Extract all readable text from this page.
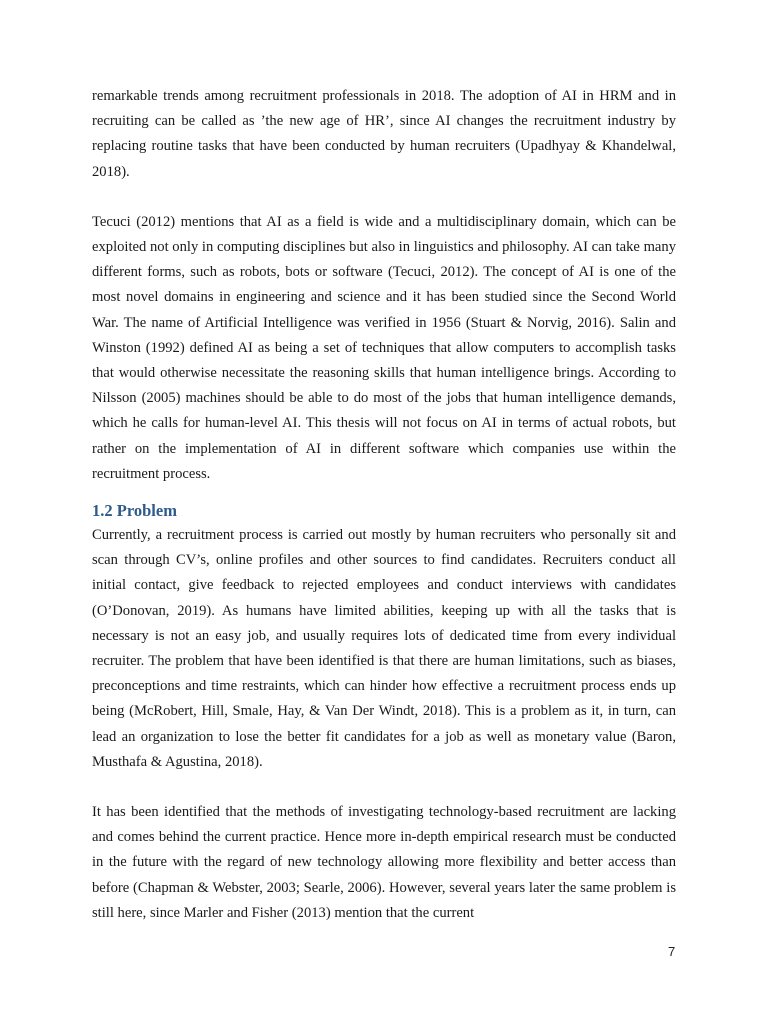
remarkable trends among recruitment professionals in 2018. The adoption of AI in HRM and in recruiting can be called as ’the new age of HR’, since AI changes the recruitment industry by replacing routine tasks that have been conducted by human recruiters (Upadhyay & Khandelwal, 2018).

Tecuci (2012) mentions that AI as a field is wide and a multidisciplinary domain, which can be exploited not only in computing disciplines but also in linguistics and philosophy. AI can take many different forms, such as robots, bots or software (Tecuci, 2012). The concept of AI is one of the most novel domains in engineering and science and it has been studied since the Second World War. The name of Artificial Intelligence was verified in 1956 (Stuart & Norvig, 2016). Salin and Winston (1992) defined AI as being a set of techniques that allow computers to accomplish tasks that would otherwise necessitate the reasoning skills that human intelligence brings. According to Nilsson (2005) machines should be able to do most of the jobs that human intelligence demands, which he calls for human-level AI. This thesis will not focus on AI in terms of actual robots, but rather on the implementation of AI in different software which companies use within the recruitment process.

1.2 Problem

Currently, a recruitment process is carried out mostly by human recruiters who personally sit and scan through CV’s, online profiles and other sources to find candidates. Recruiters conduct all initial contact, give feedback to rejected employees and conduct interviews with candidates (O’Donovan, 2019). As humans have limited abilities, keeping up with all the tasks that is necessary is not an easy job, and usually requires lots of dedicated time from every individual recruiter. The problem that have been identified is that there are human limitations, such as biases, preconceptions and time restraints, which can hinder how effective a recruitment process ends up being (McRobert, Hill, Smale, Hay, & Van Der Windt, 2018). This is a problem as it, in turn, can lead an organization to lose the better fit candidates for a job as well as monetary value (Baron, Musthafa & Agustina, 2018).

It has been identified that the methods of investigating technology-based recruitment are lacking and comes behind the current practice. Hence more in-depth empirical research must be conducted in the future with the regard of new technology allowing more flexibility and better access than before (Chapman & Webster, 2003; Searle, 2006). However, several years later the same problem is still here, since Marler and Fisher (2013) mention that the current

7
